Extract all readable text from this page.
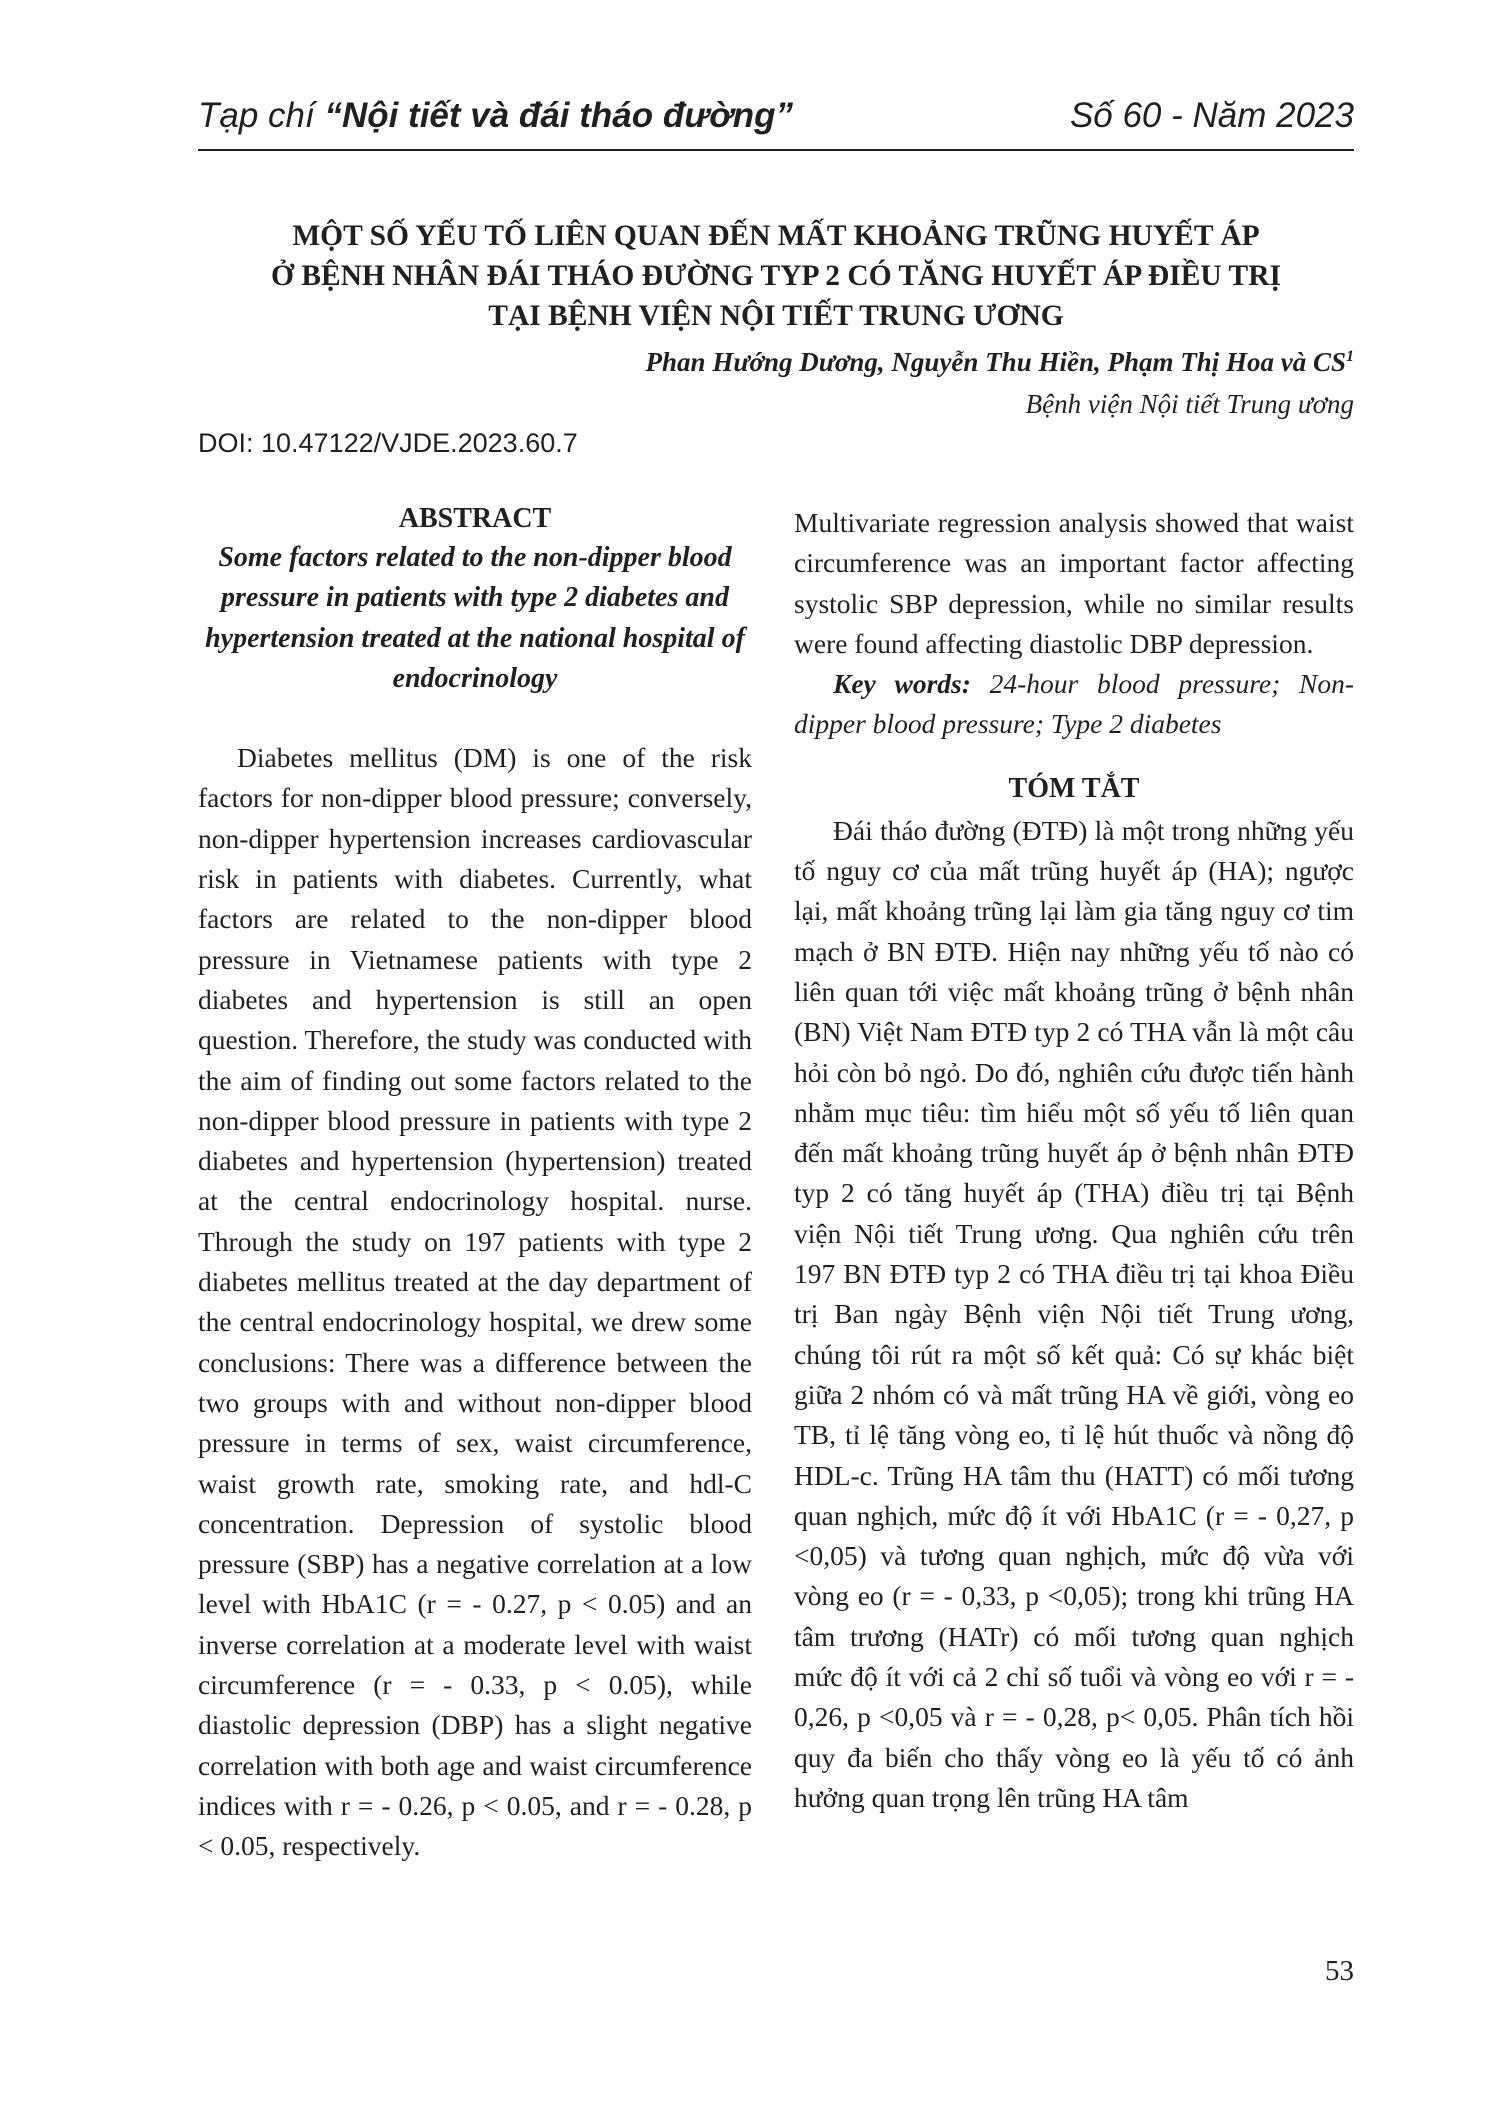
Tạp chí “Nội tiết và đái tháo đường”	Số 60 - Năm 2023
MỘT SỐ YẾU TỐ LIÊN QUAN ĐẾN MẤT KHOẢNG TRŨNG HUYẾT ÁP
Ở BỆNH NHÂN ĐÁI THÁO ĐƯỜNG TYP 2 CÓ TĂNG HUYẾT ÁP ĐIỀU TRỊ
TẠI BỆNH VIỆN NỘI TIẾT TRUNG ƯƠNG
Phan Hướng Dương, Nguyễn Thu Hiền, Phạm Thị Hoa và $CS^1$
Bệnh viện Nội tiết Trung ương
DOI: 10.47122/VJDE.2023.60.7
ABSTRACT
Some factors related to the non-dipper blood pressure in patients with type 2 diabetes and hypertension treated at the national hospital of endocrinology
Diabetes mellitus (DM) is one of the risk factors for non-dipper blood pressure; conversely, non-dipper hypertension increases cardiovascular risk in patients with diabetes. Currently, what factors are related to the non-dipper blood pressure in Vietnamese patients with type 2 diabetes and hypertension is still an open question. Therefore, the study was conducted with the aim of finding out some factors related to the non-dipper blood pressure in patients with type 2 diabetes and hypertension (hypertension) treated at the central endocrinology hospital. nurse. Through the study on 197 patients with type 2 diabetes mellitus treated at the day department of the central endocrinology hospital, we drew some conclusions: There was a difference between the two groups with and without non-dipper blood pressure in terms of sex, waist circumference, waist growth rate, smoking rate, and hdl-C concentration. Depression of systolic blood pressure (SBP) has a negative correlation at a low level with HbA1C (r = - 0.27, p < 0.05) and an inverse correlation at a moderate level with waist circumference (r = - 0.33, p < 0.05), while diastolic depression (DBP) has a slight negative correlation with both age and waist circumference indices with r = - 0.26, p < 0.05, and r = - 0.28, p < 0.05, respectively.
Multivariate regression analysis showed that waist circumference was an important factor affecting systolic SBP depression, while no similar results were found affecting diastolic DBP depression.
Key words: 24-hour blood pressure; Non-dipper blood pressure; Type 2 diabetes
TÓM TẮT
Đái tháo đường (ĐTĐ) là một trong những yếu tố nguy cơ của mất trũng huyết áp (HA); ngược lại, mất khoảng trũng lại làm gia tăng nguy cơ tim mạch ở BN ĐTĐ. Hiện nay những yếu tố nào có liên quan tới việc mất khoảng trũng ở bệnh nhân (BN) Việt Nam ĐTĐ typ 2 có THA vẫn là một câu hỏi còn bỏ ngỏ. Do đó, nghiên cứu được tiến hành nhằm mục tiêu: tìm hiểu một số yếu tố liên quan đến mất khoảng trũng huyết áp ở bệnh nhân ĐTĐ typ 2 có tăng huyết áp (THA) điều trị tại Bệnh viện Nội tiết Trung ương. Qua nghiên cứu trên 197 BN ĐTĐ typ 2 có THA điều trị tại khoa Điều trị Ban ngày Bệnh viện Nội tiết Trung ương, chúng tôi rút ra một số kết quả: Có sự khác biệt giữa 2 nhóm có và mất trũng HA về giới, vòng eo TB, tỉ lệ tăng vòng eo, tỉ lệ hút thuốc và nồng độ HDL-c. Trũng HA tâm thu (HATT) có mối tương quan nghịch, mức độ ít với HbA1C (r = - 0,27, p <0,05) và tương quan nghịch, mức độ vừa với vòng eo (r = - 0,33, p <0,05); trong khi trũng HA tâm trương (HATr) có mối tương quan nghịch mức độ ít với cả 2 chỉ số tuổi và vòng eo với r = - 0,26, p <0,05 và r = - 0,28, p< 0,05. Phân tích hồi quy đa biến cho thấy vòng eo là yếu tố có ảnh hưởng quan trọng lên trũng HA tâm
53
